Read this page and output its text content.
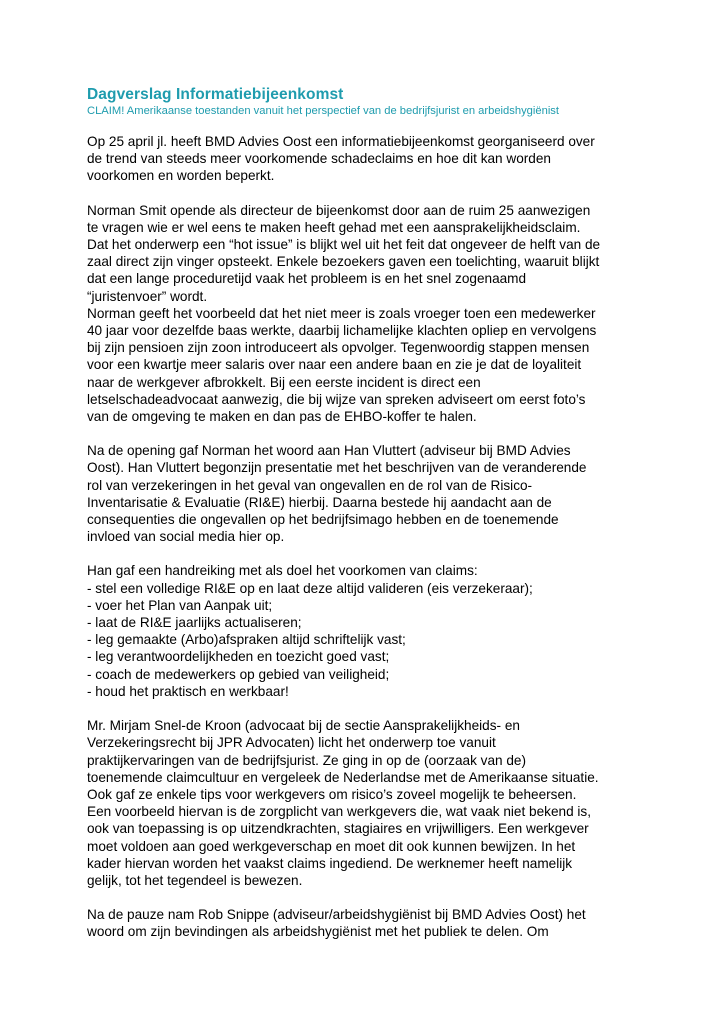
Dagverslag Informatiebijeenkomst

CLAIM! Amerikaanse toestanden vanuit het perspectief van de bedrijfsjurist en arbeidshygiënist

Op 25 april jl. heeft BMD Advies Oost een informatiebijeenkomst georganiseerd over
de trend van steeds meer voorkomende schadeclaims en hoe dit kan worden
voorkomen en worden beperkt.

Norman Smit opende als directeur de bijeenkomst door aan de ruim 25 aanwezigen
te vragen wie er wel eens te maken heeft gehad met een aansprakelijkheidsclaim.
Dat het onderwerp een “hot issue” is blijkt wel uit het feit dat ongeveer de helft van de
zaal direct zijn vinger opsteekt. Enkele bezoekers gaven een toelichting, waaruit blijkt
dat een lange proceduretijd vaak het probleem is en het snel zogenaamd
“juristenvoer” wordt.

Norman geeft het voorbeeld dat het niet meer is zoals vroeger toen een medewerker
40 jaar voor dezelfde baas werkte, daarbij lichamelijke klachten opliep en vervolgens
bij zijn pensioen zijn zoon introduceert als opvolger. Tegenwoordig stappen mensen
voor een kwartje meer salaris over naar een andere baan en zie je dat de loyaliteit
naar de werkgever afbrokkelt. Bij een eerste incident is direct een
letselschadeadvocaat aanwezig, die bij wijze van spreken adviseert om eerst foto’s
van de omgeving te maken en dan pas de EHBO-koffer te halen.

Na de opening gaf Norman het woord aan Han Vluttert (adviseur bij BMD Advies
Oost). Han Vluttert begonzijn presentatie met het beschrijven van de veranderende
rol van verzekeringen in het geval van ongevallen en de rol van de Risico-
Inventarisatie & Evaluatie (RI&E) hierbij. Daarna bestede hij aandacht aan de
consequenties die ongevallen op het bedrijfsimago hebben en de toenemende
invloed van social media hier op.

Han gaf een handreiking met als doel het voorkomen van claims:
- stel een volledige RI&E op en laat deze altijd valideren (eis verzekeraar);
- voer het Plan van Aanpak uit;
- laat de RI&E jaarlijks actualiseren;
- leg gemaakte (Arbo)afspraken altijd schriftelijk vast;
- leg verantwoordelijkheden en toezicht goed vast;
- coach de medewerkers op gebied van veiligheid;
- houd het praktisch en werkbaar!

Mr. Mirjam Snel-de Kroon (advocaat bij de sectie Aansprakelijkheids- en
Verzekeringsrecht bij JPR Advocaten) licht het onderwerp toe vanuit
praktijkervaringen van de bedrijfsjurist. Ze ging in op de (oorzaak van de)
toenemende claimcultuur en vergeleek de Nederlandse met de Amerikaanse situatie.
Ook gaf ze enkele tips voor werkgevers om risico’s zoveel mogelijk te beheersen.
Een voorbeeld hiervan is de zorgplicht van werkgevers die, wat vaak niet bekend is,
ook van toepassing is op uitzendkrachten, stagiaires en vrijwilligers. Een werkgever
moet voldoen aan goed werkgeverschap en moet dit ook kunnen bewijzen. In het
kader hiervan worden het vaakst claims ingediend. De werknemer heeft namelijk
gelijk, tot het tegendeel is bewezen.

Na de pauze nam Rob Snippe (adviseur/arbeidshygiënist bij BMD Advies Oost) het
woord om zijn bevindingen als arbeidshygiënist met het publiek te delen. Om
